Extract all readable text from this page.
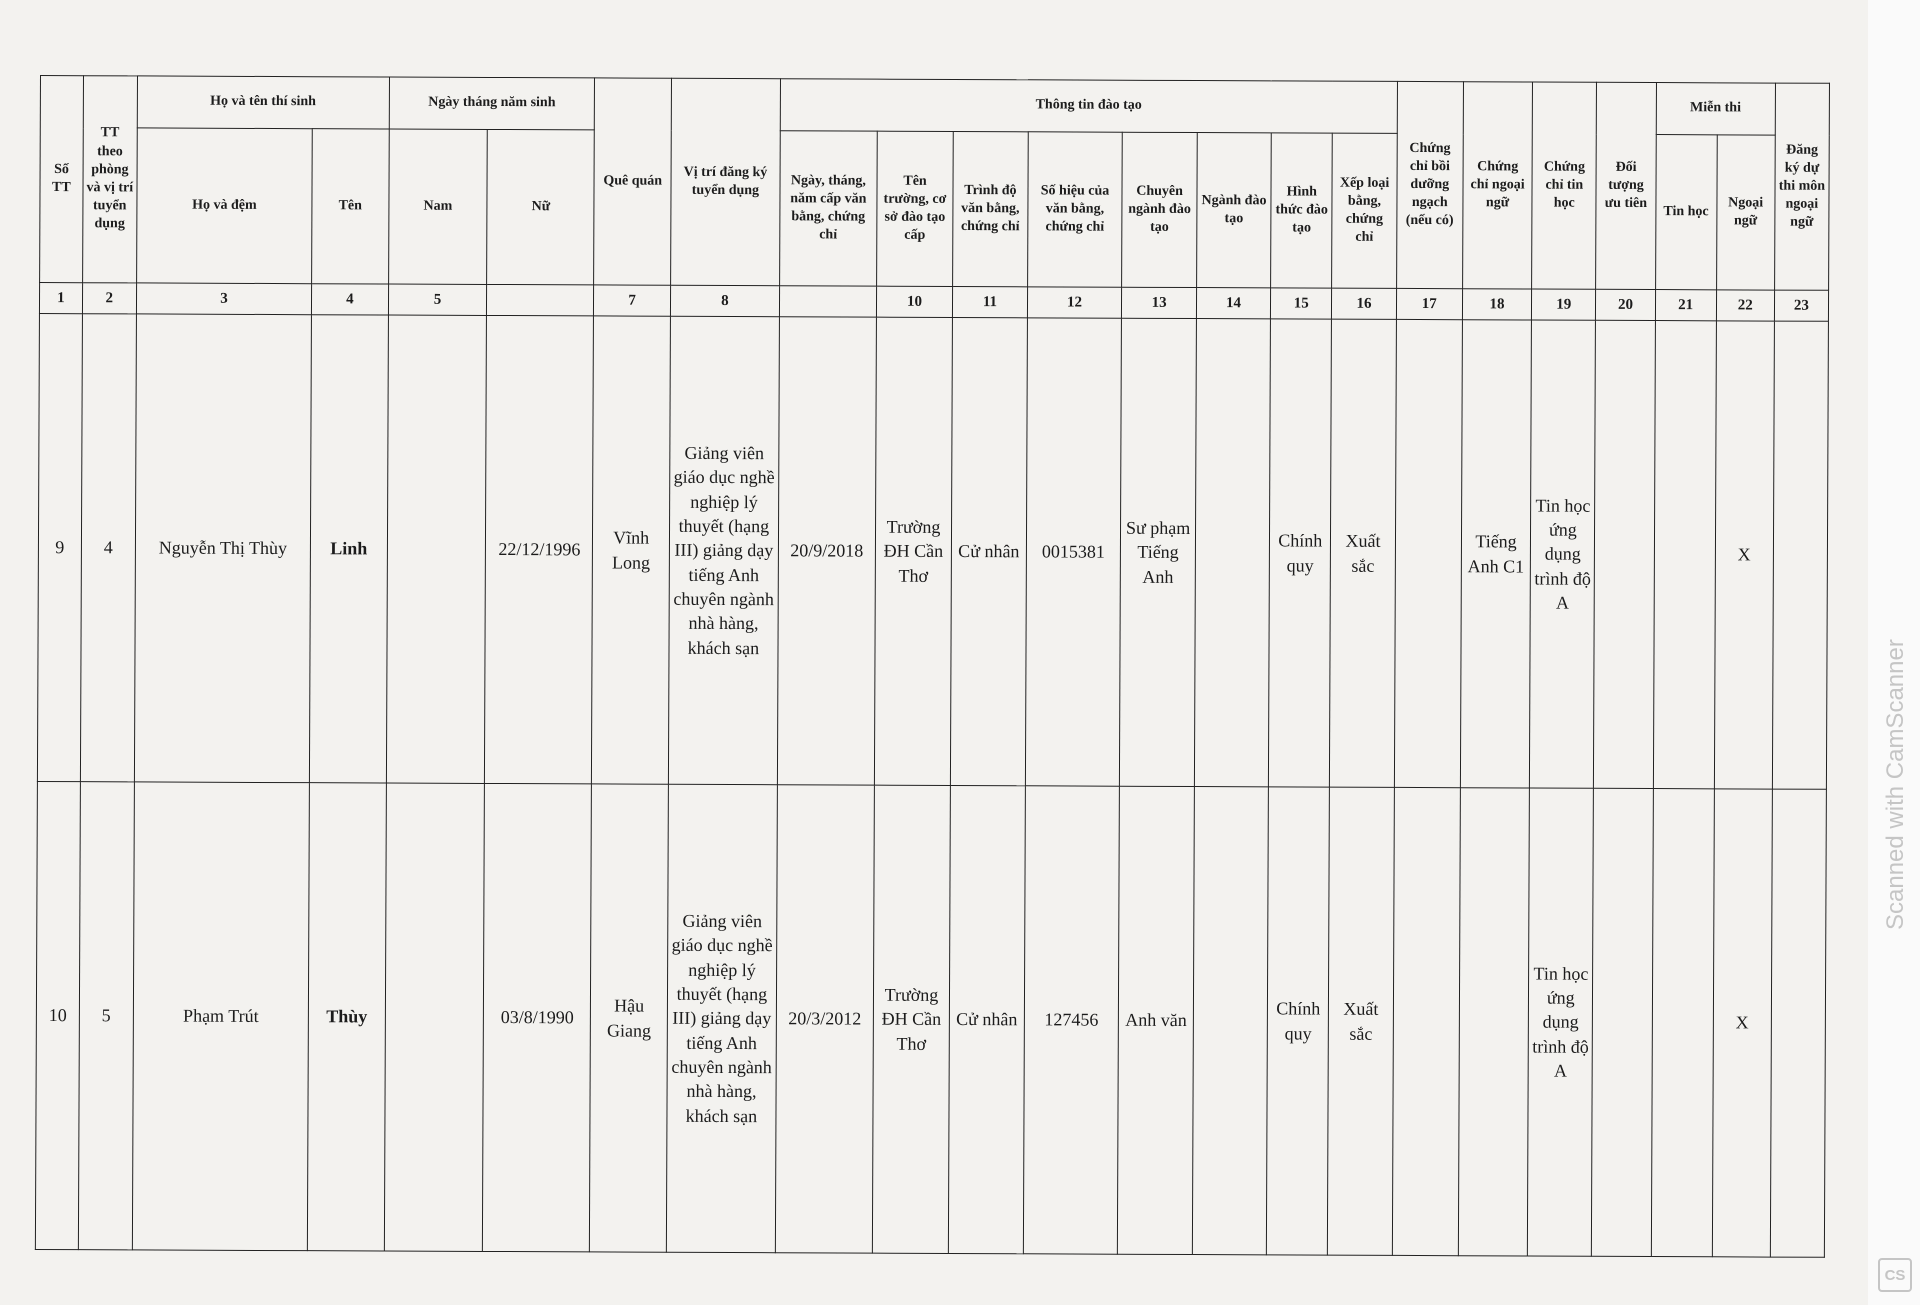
Số TT	TT theo phòng và vị trí tuyển dụng	Họ và tên thí sinh		Ngày tháng năm sinh		Quê quán	Vị trí đăng ký tuyển dụng	Thông tin đào tạo								Chứng chỉ bồi dưỡng ngạch (nếu có)	Chứng chỉ ngoại ngữ	Chứng chỉ tin học	Đối tượng ưu tiên	Miễn thi		Đăng ký dự thi môn ngoại ngữ
		Họ và đệm	Tên	Nam	Nữ			Ngày, tháng, năm cấp văn bằng, chứng chỉ	Tên trường, cơ sở đào tạo cấp	Trình độ văn bằng, chứng chỉ	Số hiệu của văn bằng, chứng chỉ	Chuyên ngành đào tạo	Ngành đào tạo	Hình thức đào tạo	Xếp loại bằng, chứng chỉ					Tin học	Ngoại ngữ	
1	2	3	4	5		7	8		10	11	12	13	14	15	16	17	18	19	20	21	22	23
9	4	Nguyễn Thị Thùy	Linh		22/12/1996	Vĩnh Long	Giảng viên giáo dục nghề nghiệp lý thuyết (hạng III) giảng dạy tiếng Anh chuyên ngành nhà hàng, khách sạn	20/9/2018	Trường ĐH Cần Thơ	Cử nhân	0015381	Sư phạm Tiếng Anh		Chính quy	Xuất sắc		Tiếng Anh C1	Tin học ứng dụng trình độ A			X	
10	5	Phạm Trút	Thùy		03/8/1990	Hậu Giang	Giảng viên giáo dục nghề nghiệp lý thuyết (hạng III) giảng dạy tiếng Anh chuyên ngành nhà hàng, khách sạn	20/3/2012	Trường ĐH Cần Thơ	Cử nhân	127456	Anh văn		Chính quy	Xuất sắc			Tin học ứng dụng trình độ A			X	
Scanned with CamScanner
CS
